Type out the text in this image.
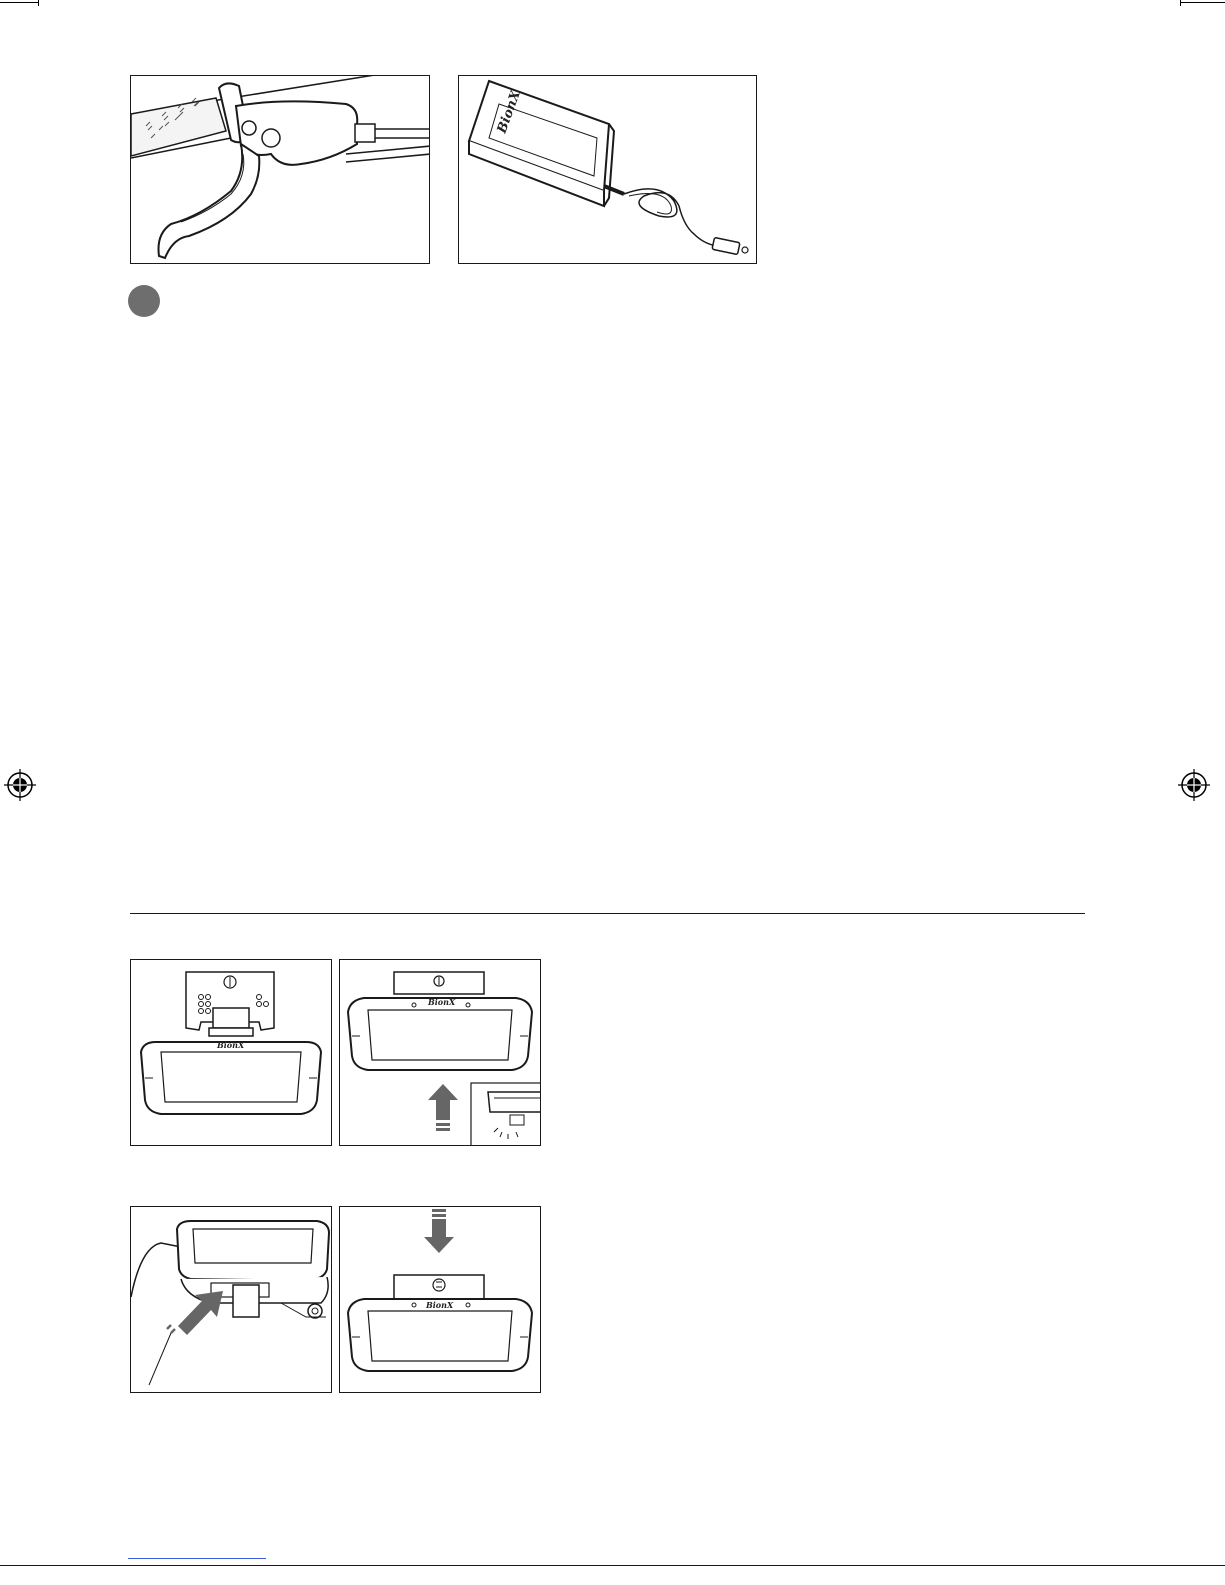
BionX
BionX
BionX
BionX
